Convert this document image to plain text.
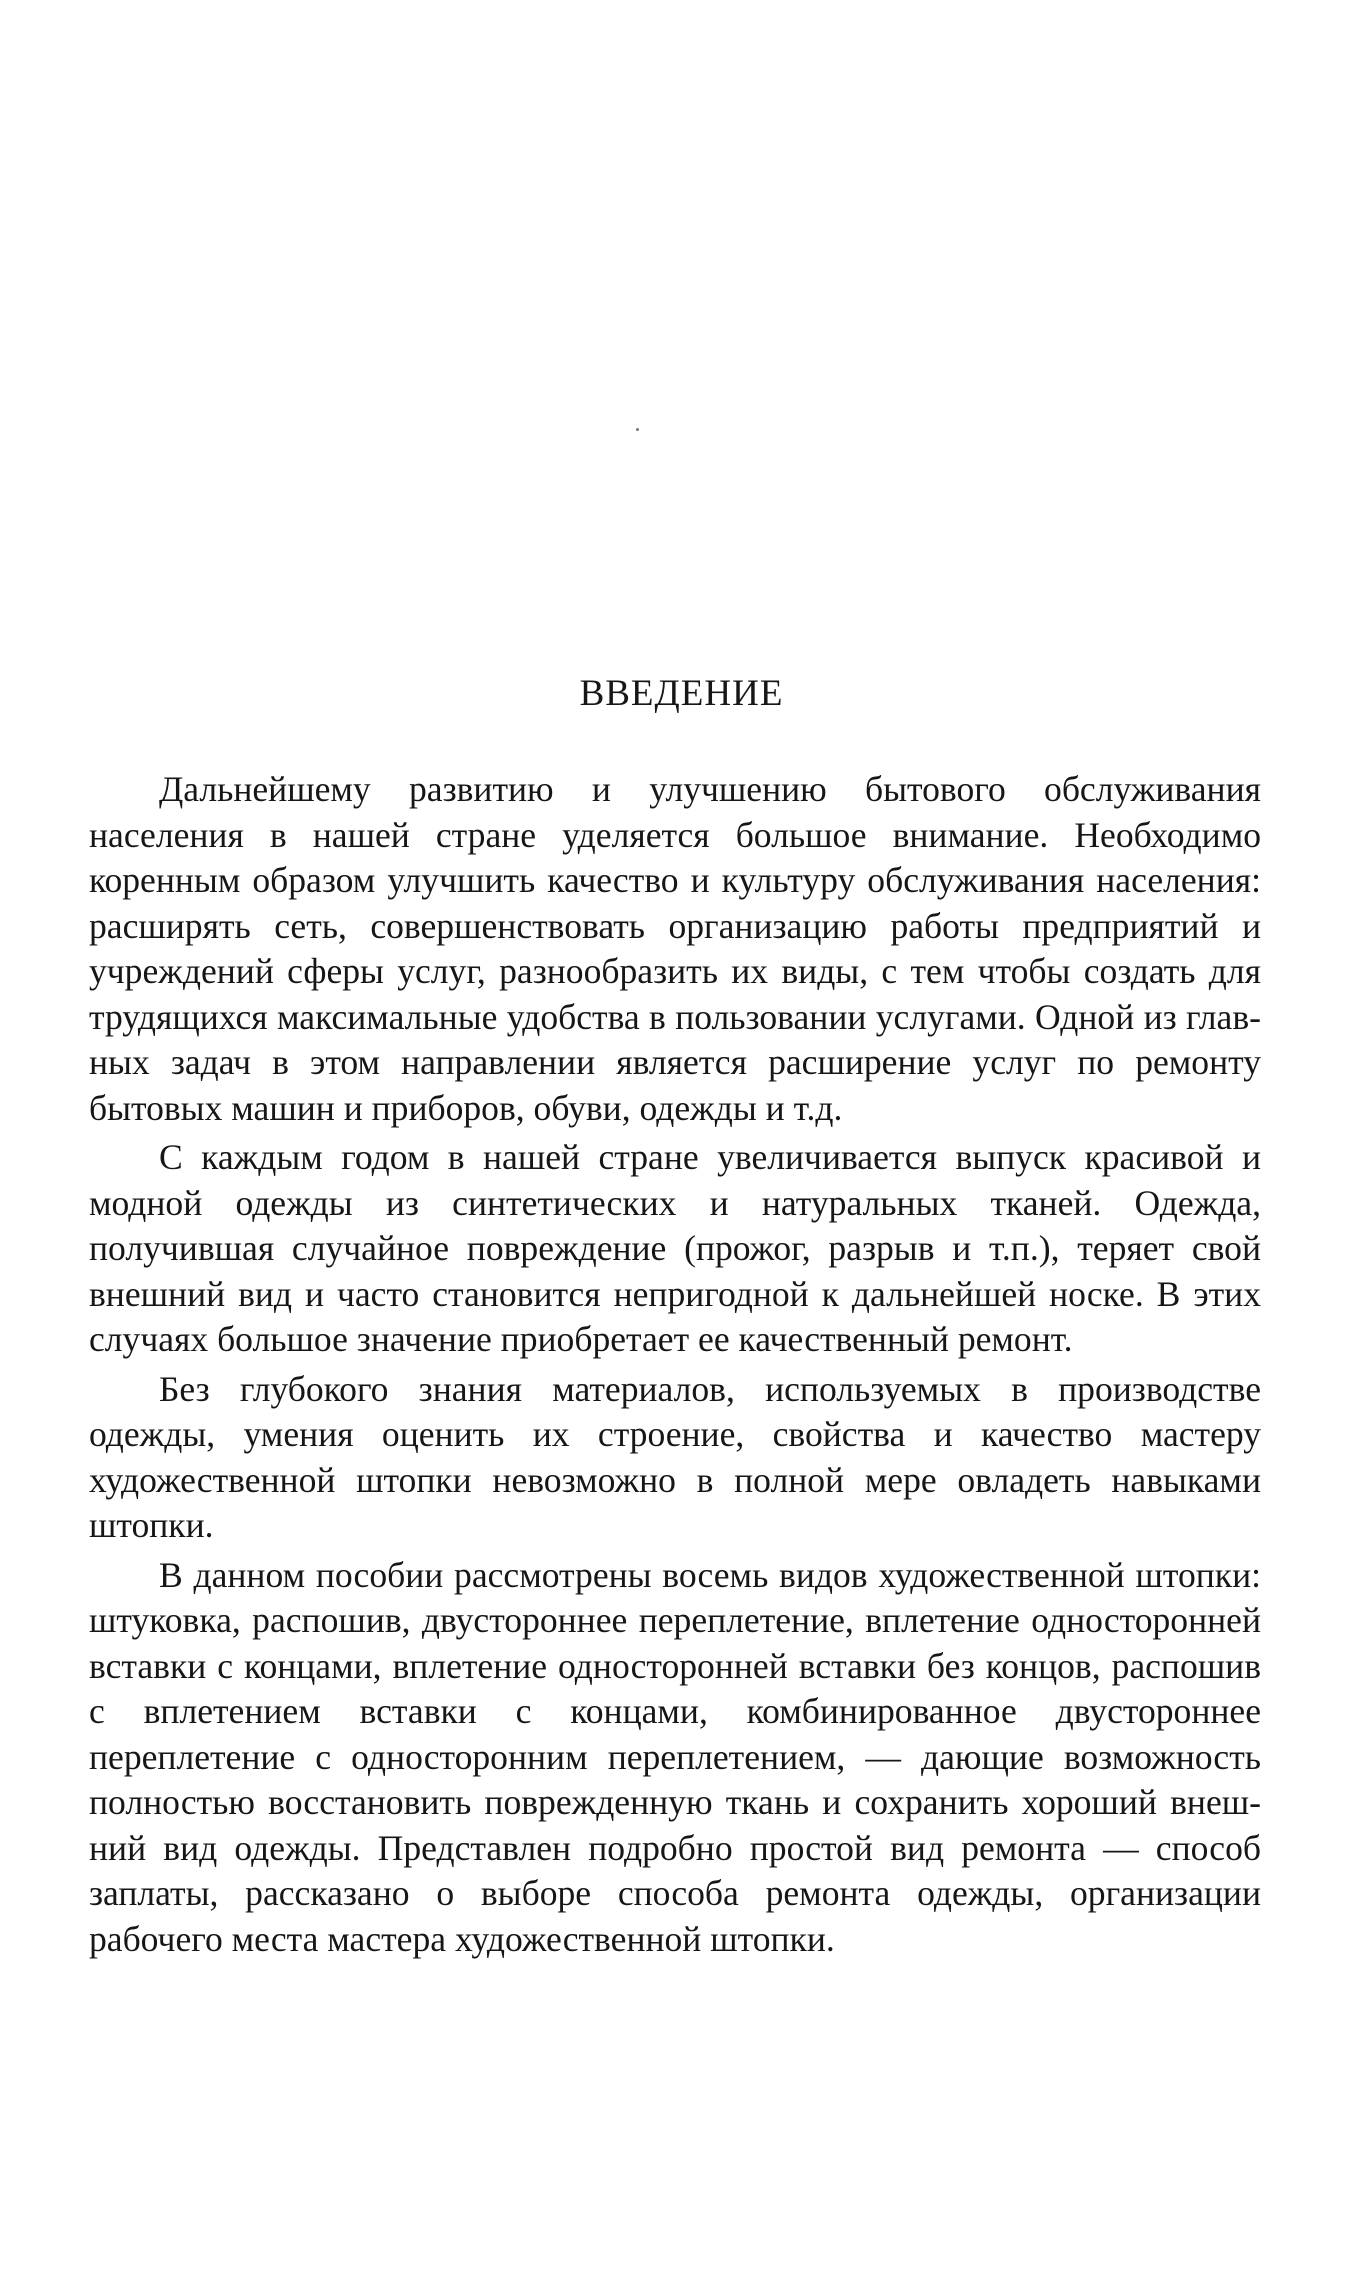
ВВЕДЕНИЕ

Дальнейшему развитию и улучшению бытового обслуживания населения в нашей стране уделяется большое внимание. Необходимо коренным образом улучшить качество и культуру обслуживания населения: расширять сеть, совершенствовать организацию работы предприятий и учреждений сферы услуг, разнообразить их виды, с тем чтобы создать для трудящихся максимальные удобства в пользовании услугами. Одной из главных задач в этом направлении является расширение услуг по ремонту бытовых машин и приборов, обуви, одежды и т.д.

С каждым годом в нашей стране увеличивается выпуск красивой и модной одежды из синтетических и натуральных тканей. Одежда, получившая случайное повреждение (прожог, разрыв и т.п.), теряет свой внешний вид и часто становится непригодной к дальнейшей носке. В этих случаях большое значение приобретает ее качественный ремонт.

Без глубокого знания материалов, используемых в производстве одежды, умения оценить их строение, свойства и качество мастеру художественной штопки невозможно в полной мере овладеть навыками штопки.

В данном пособии рассмотрены восемь видов художественной штопки: штуковка, распошив, двустороннее переплетение, вплетение односторонней вставки с концами, вплетение односторонней вставки без концов, распошив с вплетением вставки с концами, комбинированное двустороннее переплетение с односторонним переплетением, — дающие возможность полностью восстановить поврежденную ткань и сохранить хороший внешний вид одежды. Представлен подробно простой вид ремонта — способ заплаты, рассказано о выборе способа ремонта одежды, организации рабочего места мастера художественной штопки.
